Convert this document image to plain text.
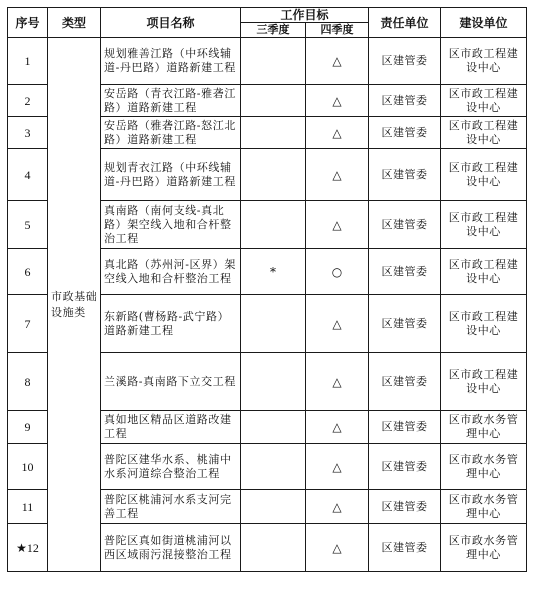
序号	类型	项目名称	工作目标		责任单位	建设单位
			三季度	四季度		
1	市政基础设施类	规划雅善江路（中环线辅道-丹巴路）道路新建工程		△	区建管委	区市政工程建设中心
2		安岳路（青衣江路-雅砻江路）道路新建工程		△	区建管委	区市政工程建设中心
3		安岳路（雅砻江路-怒江北路）道路新建工程		△	区建管委	区市政工程建设中心
4		规划青衣江路（中环线辅道-丹巴路）道路新建工程		△	区建管委	区市政工程建设中心
5		真南路（南何支线-真北路）架空线入地和合杆整治工程		△	区建管委	区市政工程建设中心
6		真北路（苏州河-区界）架空线入地和合杆整治工程	*	○	区建管委	区市政工程建设中心
7		东新路(曹杨路-武宁路）道路新建工程		△	区建管委	区市政工程建设中心
8		兰溪路-真南路下立交工程		△	区建管委	区市政工程建设中心
9		真如地区精品区道路改建工程		△	区建管委	区市政水务管理中心
10		普陀区建华水系、桃浦中水系河道综合整治工程		△	区建管委	区市政水务管理中心
11		普陀区桃浦河水系支河完善工程		△	区建管委	区市政水务管理中心
★12		普陀区真如街道桃浦河以西区域雨污混接整治工程		△	区建管委	区市政水务管理中心
